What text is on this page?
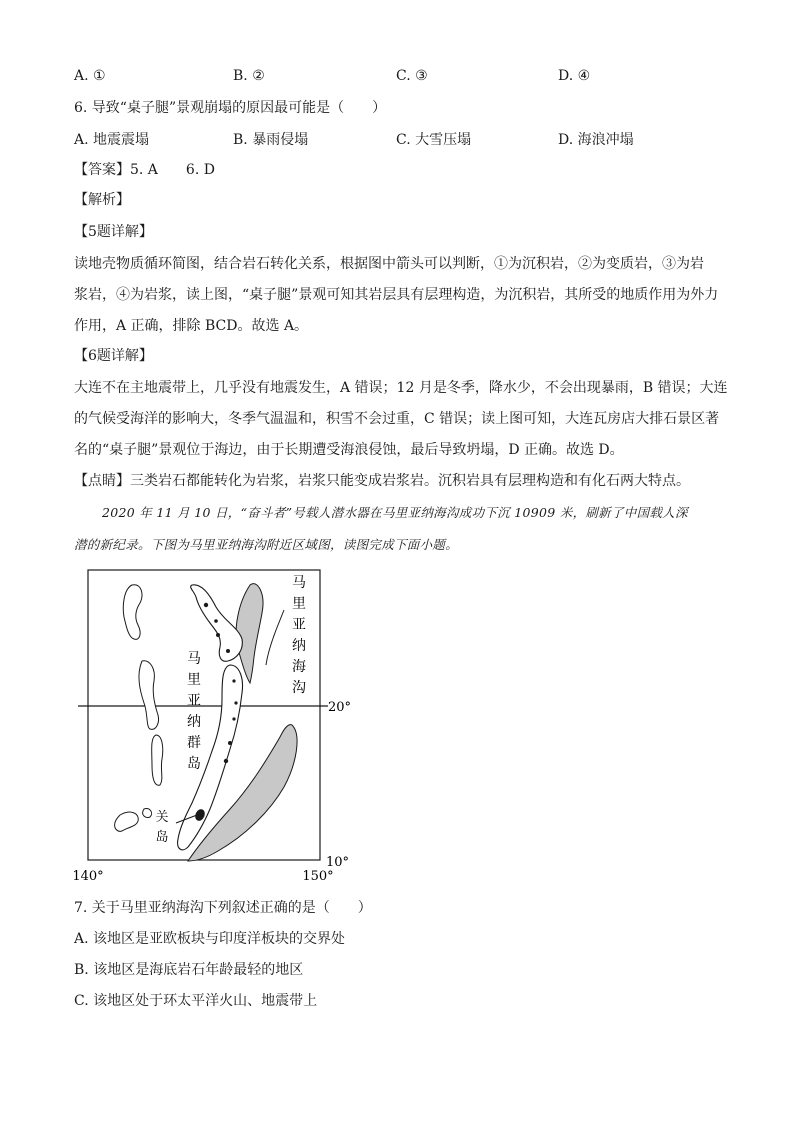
A. ①	B. ②	C. ③	D. ④
6. 导致“桌子腿”景观崩塌的原因最可能是（　　）
A. 地震震塌	B. 暴雨侵塌	C. 大雪压塌	D. 海浪冲塌
【答案】5. A　　6. D
【解析】
【5题详解】
读地壳物质循环简图，结合岩石转化关系，根据图中箭头可以判断，①为沉积岩，②为变质岩，③为岩
浆岩，④为岩浆，读上图，“桌子腿”景观可知其岩层具有层理构造，为沉积岩，其所受的地质作用为外力
作用，A 正确，排除 BCD。故选 A。
【6题详解】
大连不在主地震带上，几乎没有地震发生，A 错误；12 月是冬季，降水少，不会出现暴雨，B 错误；大连
的气候受海洋的影响大，冬季气温温和，积雪不会过重，C 错误；读上图可知，大连瓦房店大排石景区著
名的“桌子腿”景观位于海边，由于长期遭受海浪侵蚀，最后导致坍塌，D 正确。故选 D。
【点睛】三类岩石都能转化为岩浆，岩浆只能变成岩浆岩。沉积岩具有层理构造和有化石两大特点。
2020 年 11 月 10 日，“奋斗者”号载人潜水器在马里亚纳海沟成功下沉 10909 米，刷新了中国载人深
潜的新纪录。下图为马里亚纳海沟附近区域图，读图完成下面小题。
马
里
亚
纳
海
沟
马
里
亚
纳
群
岛
关
岛
20°
10°
140°	150°
7. 关于马里亚纳海沟下列叙述正确的是（　　）
A. 该地区是亚欧板块与印度洋板块的交界处
B. 该地区是海底岩石年龄最轻的地区
C. 该地区处于环太平洋火山、地震带上
